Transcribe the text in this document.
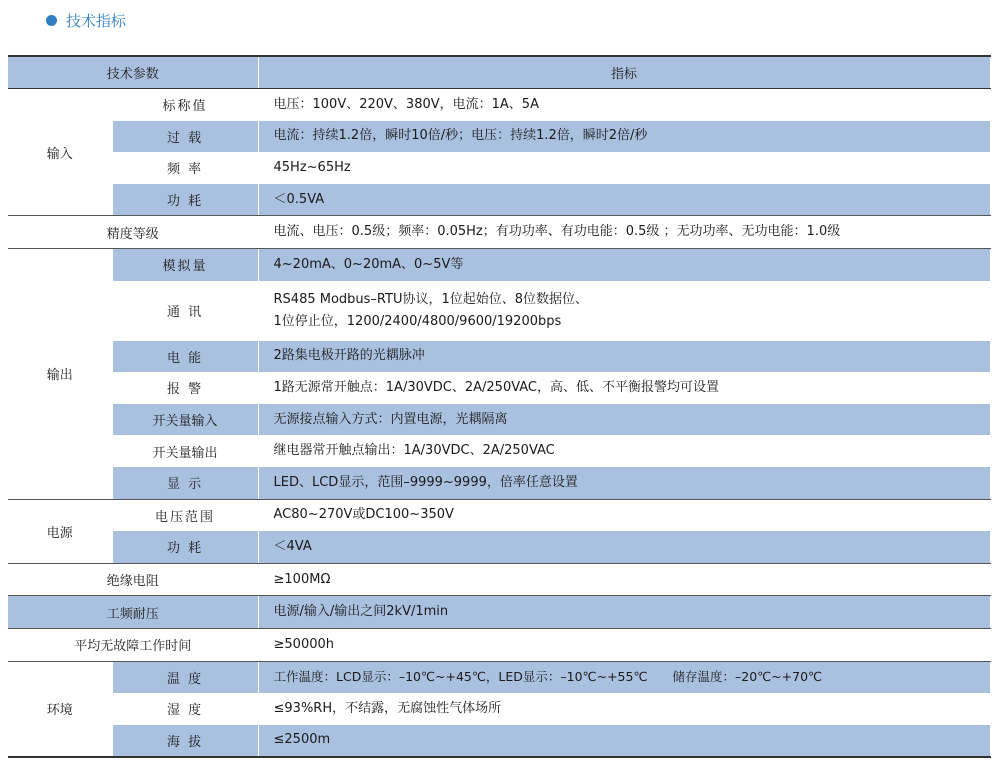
技术指标
技术参数		指标
输入	标称值	电压：100V、220V、380V，电流：1A、5A
	过 载	电流：持续1.2倍，瞬时10倍/秒；电压：持续1.2倍，瞬时2倍/秒
	频 率	45Hz~65Hz
	功 耗	＜0.5VA
精度等级		电流、电压：0.5级；频率：0.05Hz；有功功率、有功电能：0.5级 ；无功功率、无功电能：1.0级
输出	模拟量	4~20mA、0~20mA、0~5V等
	通 讯	RS485 Modbus–RTU协议，1位起始位、8位数据位、
1位停止位，1200/2400/4800/9600/19200bps

	电 能	2路集电极开路的光耦脉冲
	报 警	1路无源常开触点：1A/30VDC、2A/250VAC，高、低、不平衡报警均可设置
	开关量输入	无源接点输入方式：内置电源，光耦隔离
	开关量输出	继电器常开触点输出：1A/30VDC、2A/250VAC
	显 示	LED、LCD显示，范围–9999~9999，倍率任意设置
电源	电压范围	AC80~270V或DC100~350V
	功 耗	＜4VA
绝缘电阻		≥100MΩ
工频耐压		电源/输入/输出之间2kV/1min
平均无故障工作时间		≥50000h
环境	温 度	工作温度：LCD显示：–10℃~+45℃，LED显示：–10℃~+55℃　　储存温度：–20℃~+70℃
	湿 度	≤93%RH，不结露，无腐蚀性气体场所
	海 拔	≤2500m
